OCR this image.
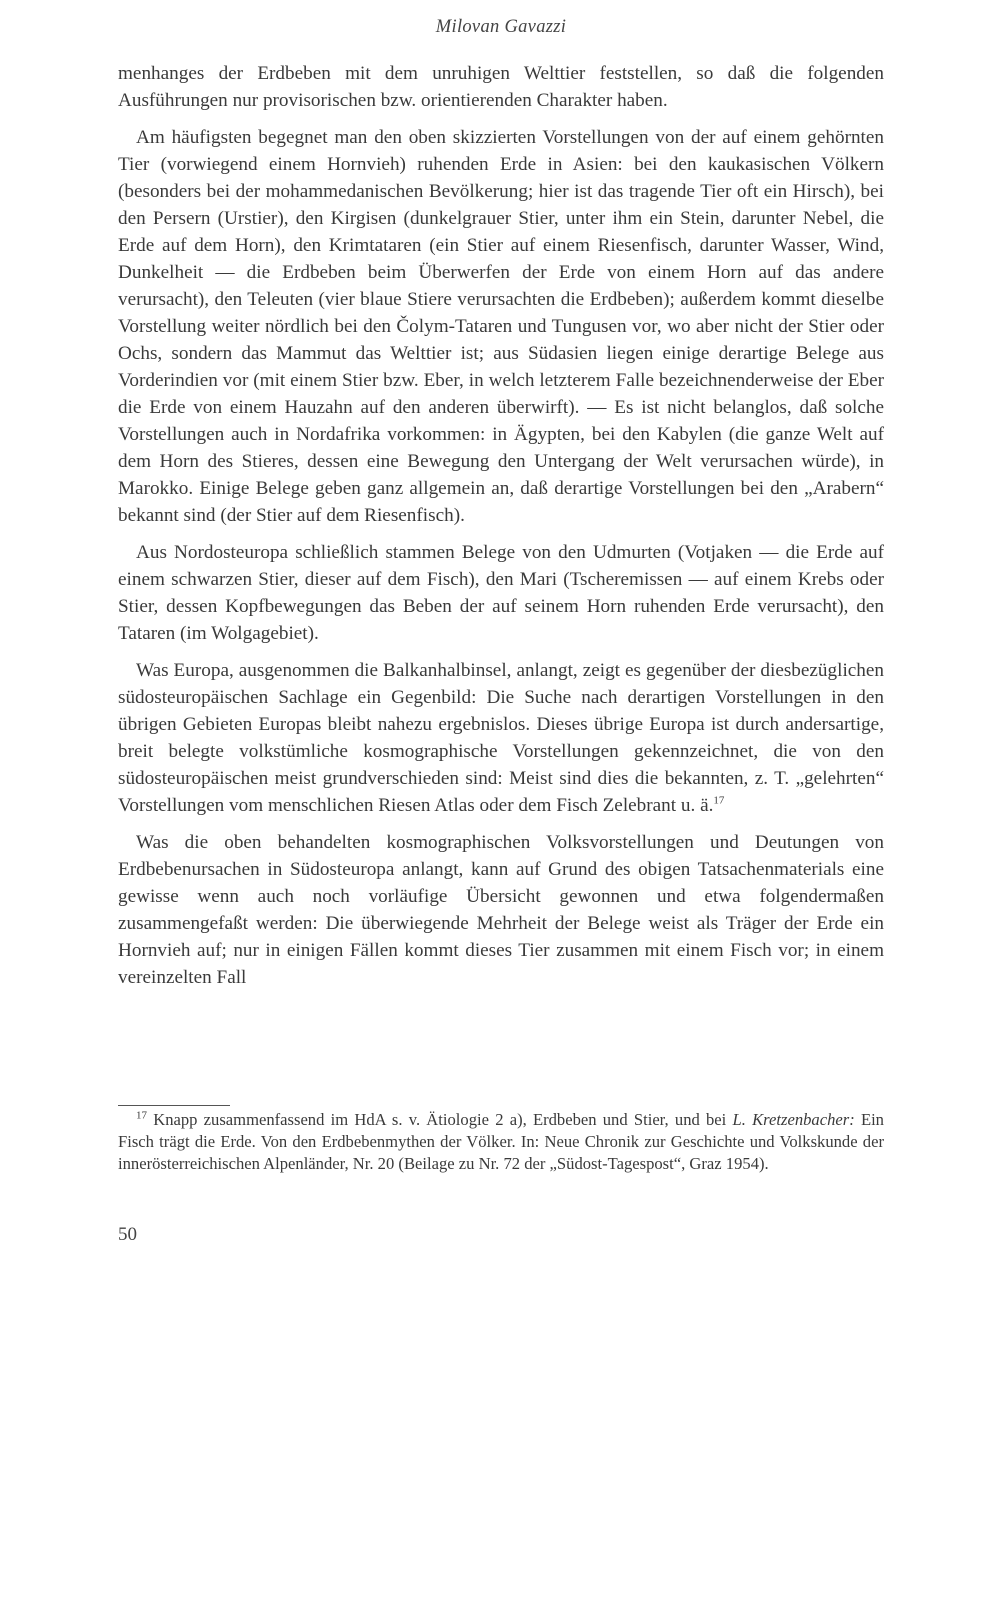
Milovan Gavazzi

menhanges der Erdbeben mit dem unruhigen Welttier feststellen, so daß die folgenden Ausführungen nur provisorischen bzw. orientierenden Charakter haben.

Am häufigsten begegnet man den oben skizzierten Vorstellungen von der auf einem gehörnten Tier (vorwiegend einem Hornvieh) ruhenden Erde in Asien: bei den kaukasischen Völkern (besonders bei der mohammedanischen Bevölkerung; hier ist das tragende Tier oft ein Hirsch), bei den Persern (Urstier), den Kirgisen (dunkelgrauer Stier, unter ihm ein Stein, darunter Nebel, die Erde auf dem Horn), den Krimtataren (ein Stier auf einem Riesenfisch, darunter Wasser, Wind, Dunkelheit — die Erdbeben beim Überwerfen der Erde von einem Horn auf das andere verursacht), den Teleuten (vier blaue Stiere verursachten die Erdbeben); außerdem kommt dieselbe Vorstellung weiter nördlich bei den Čolym-Tataren und Tungusen vor, wo aber nicht der Stier oder Ochs, sondern das Mammut das Welttier ist; aus Südasien liegen einige derartige Belege aus Vorderindien vor (mit einem Stier bzw. Eber, in welch letzterem Falle bezeichnenderweise der Eber die Erde von einem Hauzahn auf den anderen überwirft). — Es ist nicht belanglos, daß solche Vorstellungen auch in Nordafrika vorkommen: in Ägypten, bei den Kabylen (die ganze Welt auf dem Horn des Stieres, dessen eine Bewegung den Untergang der Welt verursachen würde), in Marokko. Einige Belege geben ganz allgemein an, daß derartige Vorstellungen bei den „Arabern“ bekannt sind (der Stier auf dem Riesenfisch).

Aus Nordosteuropa schließlich stammen Belege von den Udmurten (Votjaken — die Erde auf einem schwarzen Stier, dieser auf dem Fisch), den Mari (Tscheremissen — auf einem Krebs oder Stier, dessen Kopfbewegungen das Beben der auf seinem Horn ruhenden Erde verursacht), den Tataren (im Wolgagebiet).

Was Europa, ausgenommen die Balkanhalbinsel, anlangt, zeigt es gegenüber der diesbezüglichen südosteuropäischen Sachlage ein Gegenbild: Die Suche nach derartigen Vorstellungen in den übrigen Gebieten Europas bleibt nahezu ergebnislos. Dieses übrige Europa ist durch andersartige, breit belegte volkstümliche kosmographische Vorstellungen gekennzeichnet, die von den südosteuropäischen meist grundverschieden sind: Meist sind dies die bekannten, z. T. „gelehrten“ Vorstellungen vom menschlichen Riesen Atlas oder dem Fisch Zelebrant u. ä.$^{17}$

Was die oben behandelten kosmographischen Volksvorstellungen und Deutungen von Erdbebenursachen in Südosteuropa anlangt, kann auf Grund des obigen Tatsachenmaterials eine gewisse wenn auch noch vorläufige Übersicht gewonnen und etwa folgendermaßen zusammengefaßt werden: Die überwiegende Mehrheit der Belege weist als Träger der Erde ein Hornvieh auf; nur in einigen Fällen kommt dieses Tier zusammen mit einem Fisch vor; in einem vereinzelten Fall

$^{17}$ Knapp zusammenfassend im HdA s. v. Ätiologie 2 a), Erdbeben und Stier, und bei L. Kretzenbacher: Ein Fisch trägt die Erde. Von den Erdbebenmythen der Völker. In: Neue Chronik zur Geschichte und Volkskunde der innerösterreichischen Alpenländer, Nr. 20 (Beilage zu Nr. 72 der „Südost-Tagespost“, Graz 1954).

50
